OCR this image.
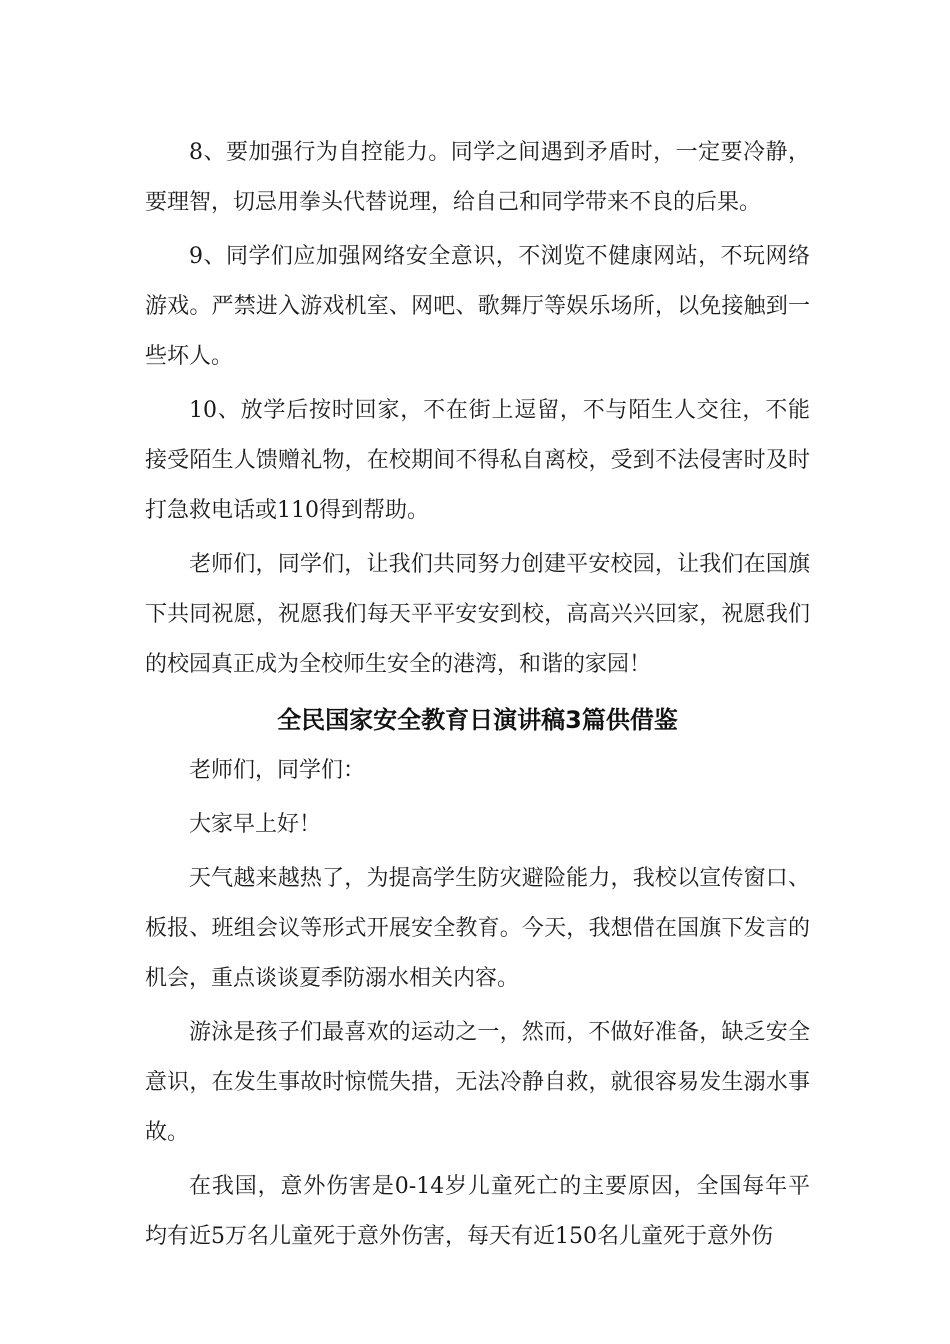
8、要加强行为自控能力。同学之间遇到矛盾时，一定要冷静，要理智，切忌用拳头代替说理，给自己和同学带来不良的后果。

9、同学们应加强网络安全意识，不浏览不健康网站，不玩网络游戏。严禁进入游戏机室、网吧、歌舞厅等娱乐场所，以免接触到一些坏人。

10、放学后按时回家，不在街上逗留，不与陌生人交往，不能接受陌生人馈赠礼物，在校期间不得私自离校，受到不法侵害时及时打急救电话或110得到帮助。

老师们，同学们，让我们共同努力创建平安校园，让我们在国旗下共同祝愿，祝愿我们每天平平安安到校，高高兴兴回家，祝愿我们的校园真正成为全校师生安全的港湾，和谐的家园！

全民国家安全教育日演讲稿3篇供借鉴

老师们，同学们：

大家早上好！

天气越来越热了，为提高学生防灾避险能力，我校以宣传窗口、板报、班组会议等形式开展安全教育。今天，我想借在国旗下发言的机会，重点谈谈夏季防溺水相关内容。

游泳是孩子们最喜欢的运动之一，然而，不做好准备，缺乏安全意识，在发生事故时惊慌失措，无法冷静自救，就很容易发生溺水事故。

在我国，意外伤害是0-14岁儿童死亡的主要原因，全国每年平均有近5万名儿童死于意外伤害，每天有近150名儿童死于意外伤
